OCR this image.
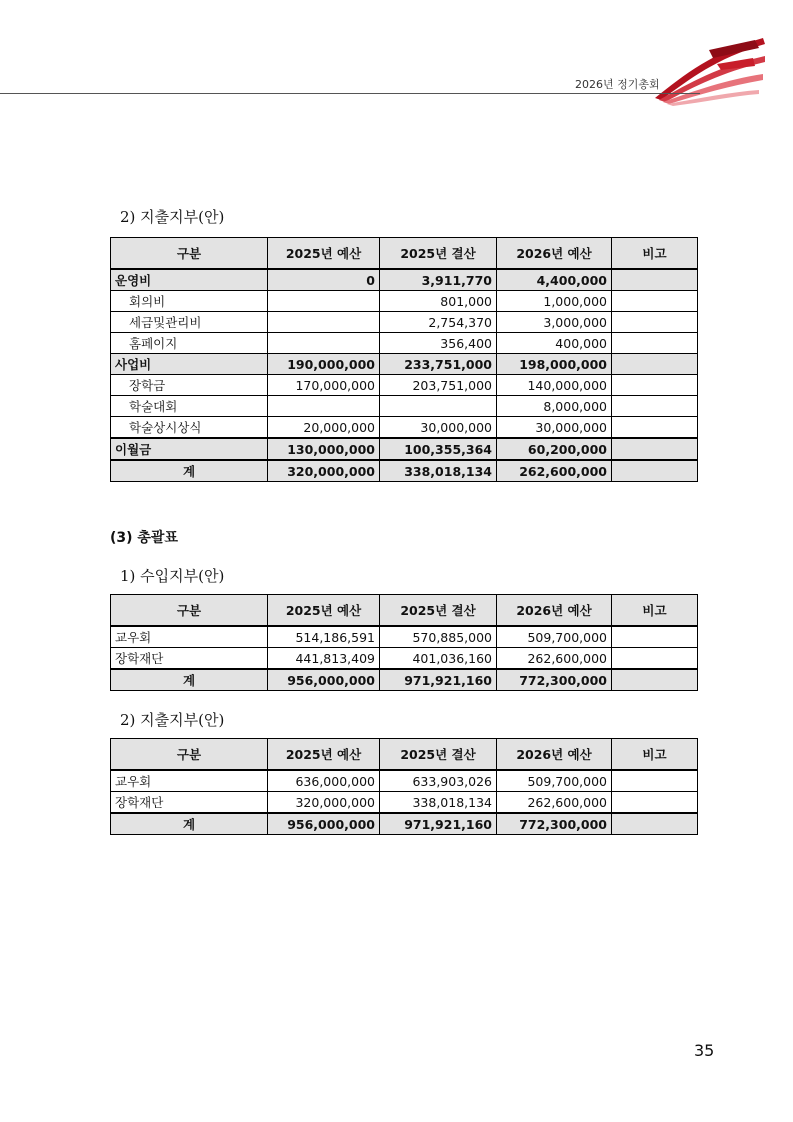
2026년 정기총회
2) 지출지부(안)
구분	2025년 예산	2025년 결산	2026년 예산	비고
운영비	0	3,911,770	4,400,000	
회의비		801,000	1,000,000	
세금및관리비		2,754,370	3,000,000	
홈페이지		356,400	400,000	
사업비	190,000,000	233,751,000	198,000,000	
장학금	170,000,000	203,751,000	140,000,000	
학술대회			8,000,000	
학술상시상식	20,000,000	30,000,000	30,000,000	
이월금	130,000,000	100,355,364	60,200,000	
계	320,000,000	338,018,134	262,600,000	
(3) 총괄표
1) 수입지부(안)
구분	2025년 예산	2025년 결산	2026년 예산	비고
교우회	514,186,591	570,885,000	509,700,000	
장학재단	441,813,409	401,036,160	262,600,000	
계	956,000,000	971,921,160	772,300,000	
2) 지출지부(안)
구분	2025년 예산	2025년 결산	2026년 예산	비고
교우회	636,000,000	633,903,026	509,700,000	
장학재단	320,000,000	338,018,134	262,600,000	
계	956,000,000	971,921,160	772,300,000	
35
